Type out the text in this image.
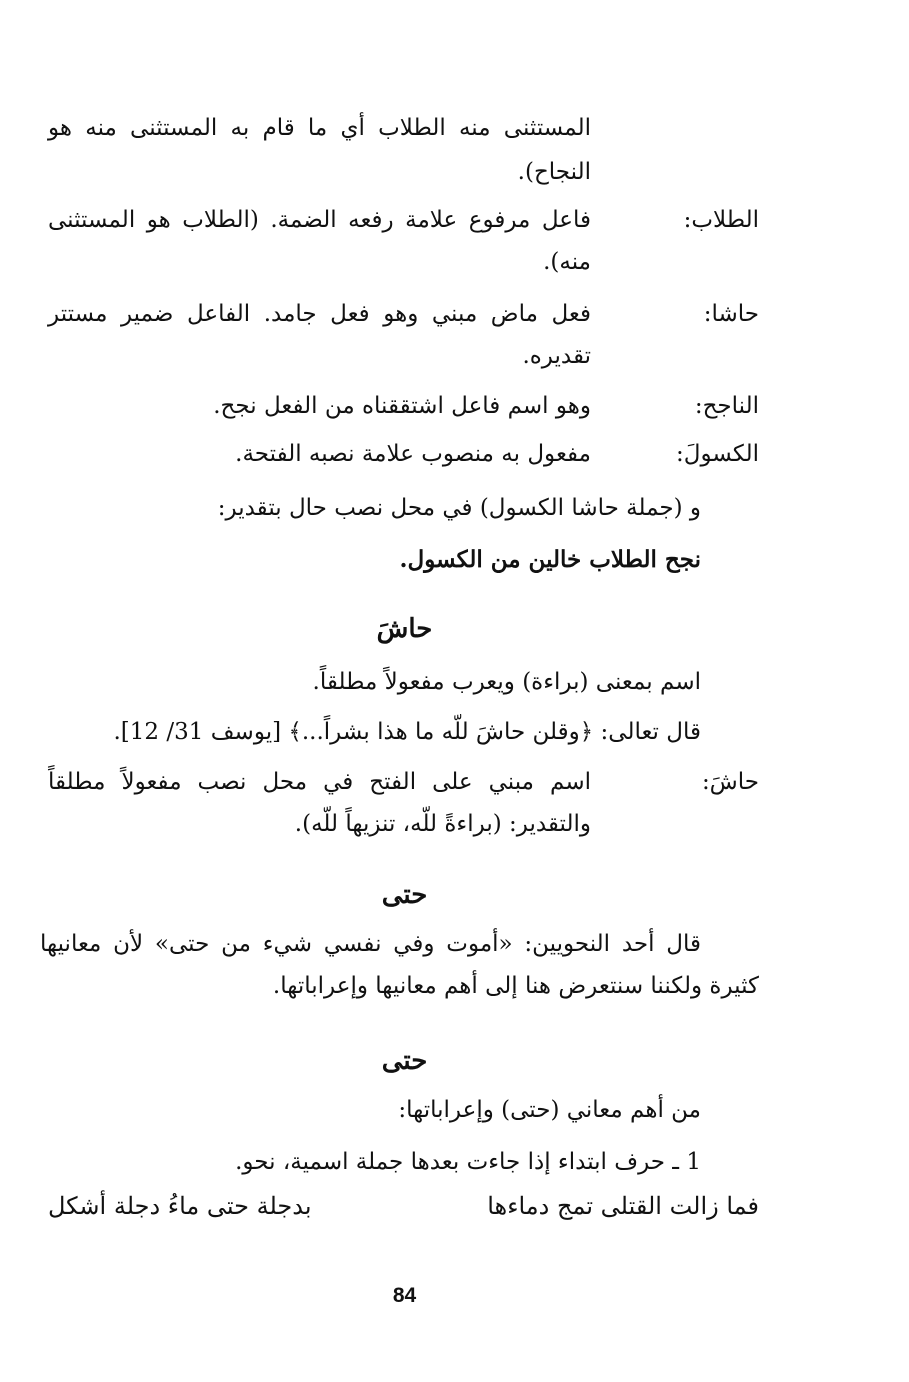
المستثنى منه الطلاب أي ما قام به المستثنى منه هو
النجاح).
الطلاب:
فاعل مرفوع علامة رفعه الضمة. (الطلاب هو المستثنى
منه).
حاشا:
فعل ماض مبني وهو فعل جامد. الفاعل ضمير مستتر
تقديره.
الناجح:
وهو اسم فاعل اشتققناه من الفعل نجح.
الكسولَ:
مفعول به منصوب علامة نصبه الفتحة.
و (جملة حاشا الكسول) في محل نصب حال بتقدير:
نجح الطلاب خالين من الكسول.
حاشَ
اسم بمعنى (براءة) ويعرب مفعولاً مطلقاً.
قال تعالى: ﴿وقلن حاشَ للّه ما هذا بشراً...﴾ [يوسف 31/ 12].
حاشَ:
اسم مبني على الفتح في محل نصب مفعولاً مطلقاً
والتقدير: (براءةً للّه، تنزيهاً للّه).
حتى
قال أحد النحويين: «أموت وفي نفسي شيء من حتى» لأن معانيها
كثيرة ولكننا سنتعرض هنا إلى أهم معانيها وإعراباتها.
حتى
من أهم معاني (حتى) وإعراباتها:
1 ـ حرف ابتداء إذا جاءت بعدها جملة اسمية، نحو.
فما زالت القتلى تمج دماءها
بدجلة حتى ماءُ دجلة أشكل
84
